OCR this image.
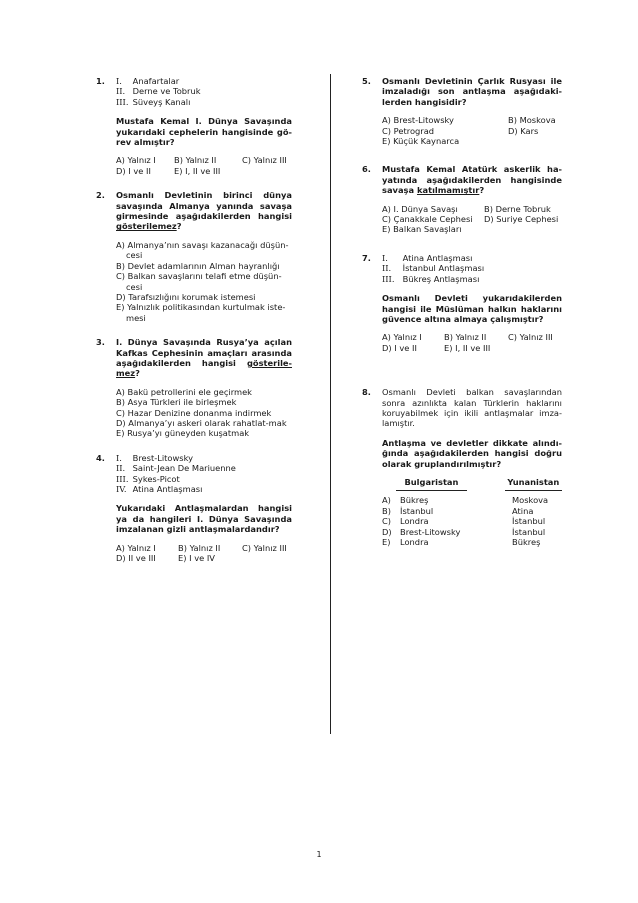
1. I. Anafartalar
II. Derne ve Tobruk
III. Süveyş Kanalı
Mustafa Kemal I. Dünya Savaşında yukarıdaki cephelerin hangisinde gö- rev almıştır?
A) Yalnız I	B) Yalnız II	C) Yalnız III
D) I ve II	E) I, II ve III
2. Osmanlı Devletinin birinci dünya savaşında Almanya yanında savaşa girmesinde aşağıdakilerden hangisi gösterilemez?
A) Almanya’nın savaşı kazanacağı düşün- cesi
B) Devlet adamlarının Alman hayranlığı
C) Balkan savaşlarını telafi etme düşün- cesi
D) Tarafsızlığını korumak istemesi
E) Yalnızlık politikasından kurtulmak iste- mesi
3. I. Dünya Savaşında Rusya’ya açılan Kafkas Cephesinin amaçları arasında aşağıdakilerden hangisi gösterile- mez?
A) Bakü petrollerini ele geçirmek
B) Asya Türkleri ile birleşmek
C) Hazar Denizine donanma indirmek
D) Almanya’yı askeri olarak rahatlat-mak
E) Rusya’yı güneyden kuşatmak
4. I. Brest-Litowsky
II. Saint-Jean De Mariuenne
III. Sykes-Picot
IV. Atina Antlaşması
Yukarıdaki Antlaşmalardan hangisi ya da hangileri I. Dünya Savaşında imzalanan gizli antlaşmalardandır?
A) Yalnız I	B) Yalnız II	C) Yalnız III
D) II ve III	E) I ve IV
5. Osmanlı Devletinin Çarlık Rusyası ile imzaladığı son antlaşma aşağıdaki- lerden hangisidir?
A) Brest-Litowsky	B) Moskova
C) Petrograd	D) Kars
E) Küçük Kaynarca
6. Mustafa Kemal Atatürk askerlik ha- yatında aşağıdakilerden hangisinde savaşa katılmamıştır?
A) I. Dünya Savaşı	B) Derne Tobruk
C) Çanakkale Cephesi	D) Suriye Cephesi
E) Balkan Savaşları
7. I. Atina Antlaşması
II. İstanbul Antlaşması
III. Bükreş Antlaşması
Osmanlı Devleti yukarıdakilerden hangisi ile Müslüman halkın haklarını güvence altına almaya çalışmıştır?
A) Yalnız I	B) Yalnız II	C) Yalnız III
D) I ve II	E) I, II ve III
8. Osmanlı Devleti balkan savaşlarından sonra azınlıkta kalan Türklerin haklarını koruyabilmek için ikili antlaşmalar imza- lamıştır.
Antlaşma ve devletler dikkate alındı- ğında aşağıdakilerden hangisi doğru olarak gruplandırılmıştır?
Bulgaristan	Yunanistan
A)	Bükreş	Moskova
B)	İstanbul	Atina
C)	Londra	İstanbul
D)	Brest-Litowsky	İstanbul
E)	Londra	Bükreş
1
